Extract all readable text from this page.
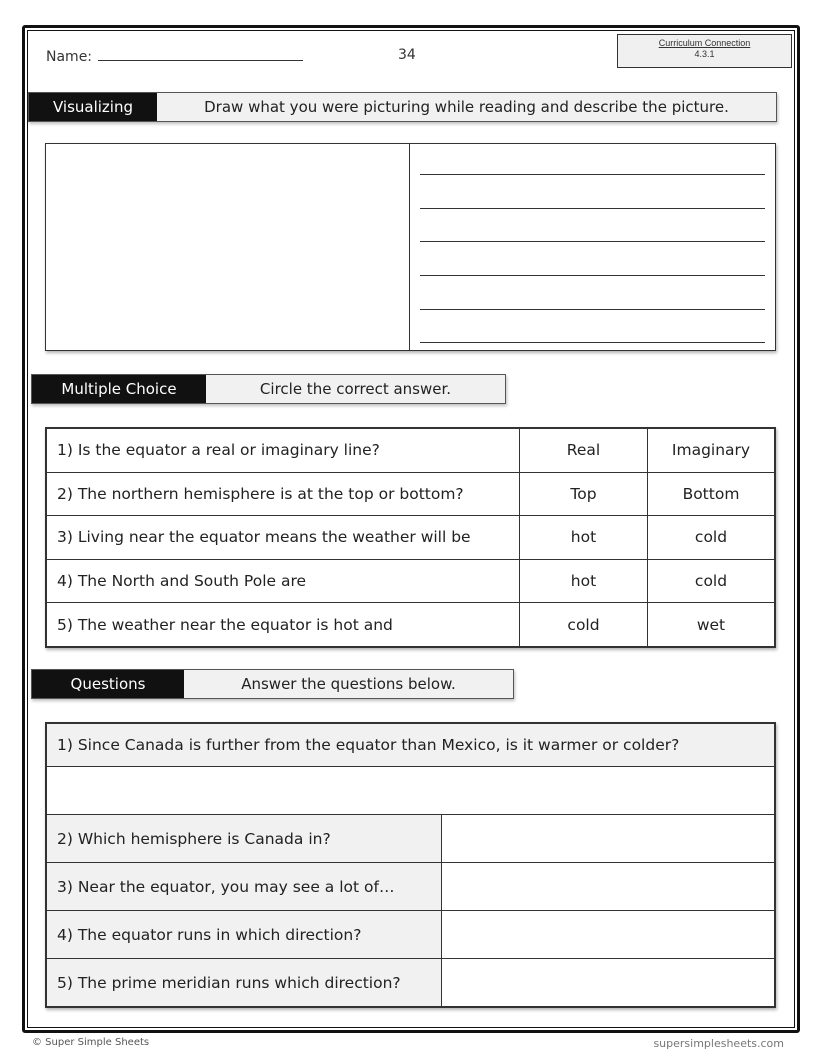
Name:	34
Curriculum Connection
4.3.1
Visualizing	Draw what you were picturing while reading and describe the picture.
Multiple Choice	Circle the correct answer.
1) Is the equator a real or imaginary line?	Real	Imaginary
2) The northern hemisphere is at the top or bottom?	Top	Bottom
3) Living near the equator means the weather will be	hot	cold
4) The North and South Pole are	hot	cold
5) The weather near the equator is hot and	cold	wet
Questions	Answer the questions below.
1) Since Canada is further from the equator than Mexico, is it warmer or colder?	

2) Which hemisphere is Canada in?	
3) Near the equator, you may see a lot of…	
4) The equator runs in which direction?	
5) The prime meridian runs which direction?	
© Super Simple Sheets	supersimplesheets.com
